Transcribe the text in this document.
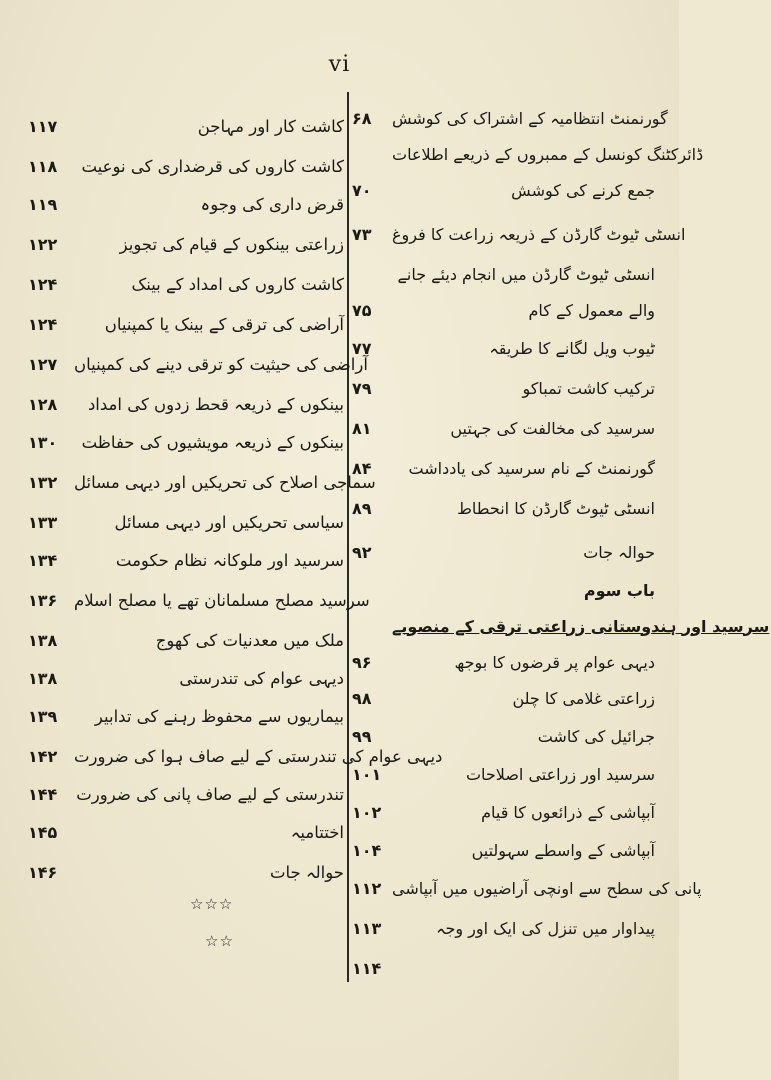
vi
۶۸	گورنمنٹ انتظامیہ کے اشتراک کی کوشش
ڈائرکٹنگ کونسل کے ممبروں کے ذریعے اطلاعات
۷۰	جمع کرنے کی کوشش
۷۳	انسٹی ٹیوٹ گارڈن کے ذریعہ زراعت کا فروغ
انسٹی ٹیوٹ گارڈن میں انجام دیئے جانے
۷۵	والے معمول کے کام
۷۷	ٹیوب ویل لگانے کا طریقہ
۷۹	ترکیب کاشت تمباکو
۸۱	سرسید کی مخالفت کی جہتیں
۸۴	گورنمنٹ کے نام سرسید کی یادداشت
۸۹	انسٹی ٹیوٹ گارڈن کا انحطاط
۹۲	حوالہ جات
باب سوم
سرسید اور ہندوستانی زراعتی ترقی کے منصوبے
۹۶	دیہی عوام پر قرضوں کا بوجھ
۹۸	زراعتی غلامی کا چلن
۹۹	جرائیل کی کاشت
۱۰۱	سرسید اور زراعتی اصلاحات
۱۰۲	آبپاشی کے ذرائعوں کا قیام
۱۰۴	آبپاشی کے واسطے سہولتیں
۱۱۲ پانی کی سطح سے اونچی آراضیوں میں آبپاشی
۱۱۳	پیداوار میں تنزل کی ایک اور وجہ
۱۱۴
۱۱۷	کاشت کار اور مہاجن
۱۱۸	کاشت کاروں کی قرضداری کی نوعیت
۱۱۹	قرض داری کی وجوہ
۱۲۲	زراعتی بینکوں کے قیام کی تجویز
۱۲۴	کاشت کاروں کی امداد کے بینک
۱۲۴	آراضی کی ترقی کے بینک یا کمپنیاں
۱۲۷	آراضی کی حیثیت کو ترقی دینے کی کمپنیاں
۱۲۸	بینکوں کے ذریعہ قحط زدوں کی امداد
۱۳۰	بینکوں کے ذریعہ مویشیوں کی حفاظت
۱۳۲	سماجی اصلاح کی تحریکیں اور دیہی مسائل
۱۳۳	سیاسی تحریکیں اور دیہی مسائل
۱۳۴	سرسید اور ملوکانہ نظام حکومت
۱۳۶	سرسید مصلح مسلمانان تھے یا مصلح اسلام
۱۳۸	ملک میں معدنیات کی کھوج
۱۳۸	دیہی عوام کی تندرستی
۱۳۹	بیماریوں سے محفوظ رہنے کی تدابیر
۱۴۲	دیہی عوام کی تندرستی کے لیے صاف ہوا کی ضرورت
۱۴۴	تندرستی کے لیے صاف پانی کی ضرورت
۱۴۵	اختتامیہ
۱۴۶	حوالہ جات
☆☆☆
☆☆
